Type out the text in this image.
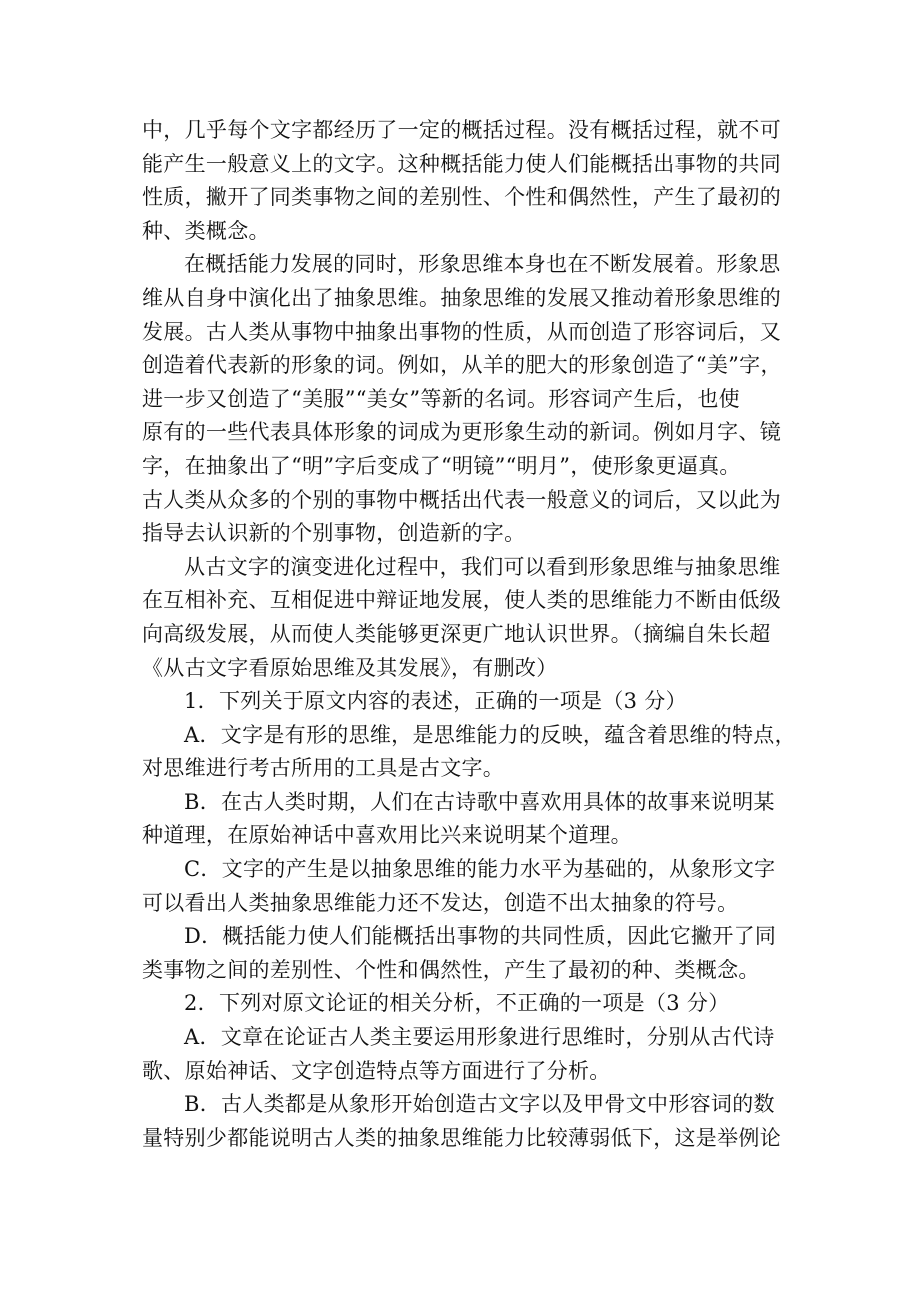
中，几乎每个文字都经历了一定的概括过程。没有概括过程，就不可
能产生一般意义上的文字。这种概括能力使人们能概括出事物的共同
性质，撇开了同类事物之间的差别性、个性和偶然性，产生了最初的
种、类概念。
在概括能力发展的同时，形象思维本身也在不断发展着。形象思
维从自身中演化出了抽象思维。抽象思维的发展又推动着形象思维的
发展。古人类从事物中抽象出事物的性质，从而创造了形容词后，又
创造着代表新的形象的词。例如，从羊的肥大的形象创造了“美”字，
进一步又创造了“美服”“美女”等新的名词。形容词产生后，也使
原有的一些代表具体形象的词成为更形象生动的新词。例如月字、镜
字，在抽象出了“明”字后变成了“明镜”“明月”，使形象更逼真。
古人类从众多的个别的事物中概括出代表一般意义的词后，又以此为
指导去认识新的个别事物，创造新的字。
从古文字的演变进化过程中，我们可以看到形象思维与抽象思维
在互相补充、互相促进中辩证地发展，使人类的思维能力不断由低级
向高级发展，从而使人类能够更深更广地认识世界。（摘编自朱长超
《从古文字看原始思维及其发展》，有删改）
1．下列关于原文内容的表述，正确的一项是（3 分）
A．文字是有形的思维，是思维能力的反映，蕴含着思维的特点，
对思维进行考古所用的工具是古文字。
B．在古人类时期，人们在古诗歌中喜欢用具体的故事来说明某
种道理，在原始神话中喜欢用比兴来说明某个道理。
C．文字的产生是以抽象思维的能力水平为基础的，从象形文字
可以看出人类抽象思维能力还不发达，创造不出太抽象的符号。
D．概括能力使人们能概括出事物的共同性质，因此它撇开了同
类事物之间的差别性、个性和偶然性，产生了最初的种、类概念。
2．下列对原文论证的相关分析，不正确的一项是（3 分）
A．文章在论证古人类主要运用形象进行思维时，分别从古代诗
歌、原始神话、文字创造特点等方面进行了分析。
B．古人类都是从象形开始创造古文字以及甲骨文中形容词的数
量特别少都能说明古人类的抽象思维能力比较薄弱低下，这是举例论
